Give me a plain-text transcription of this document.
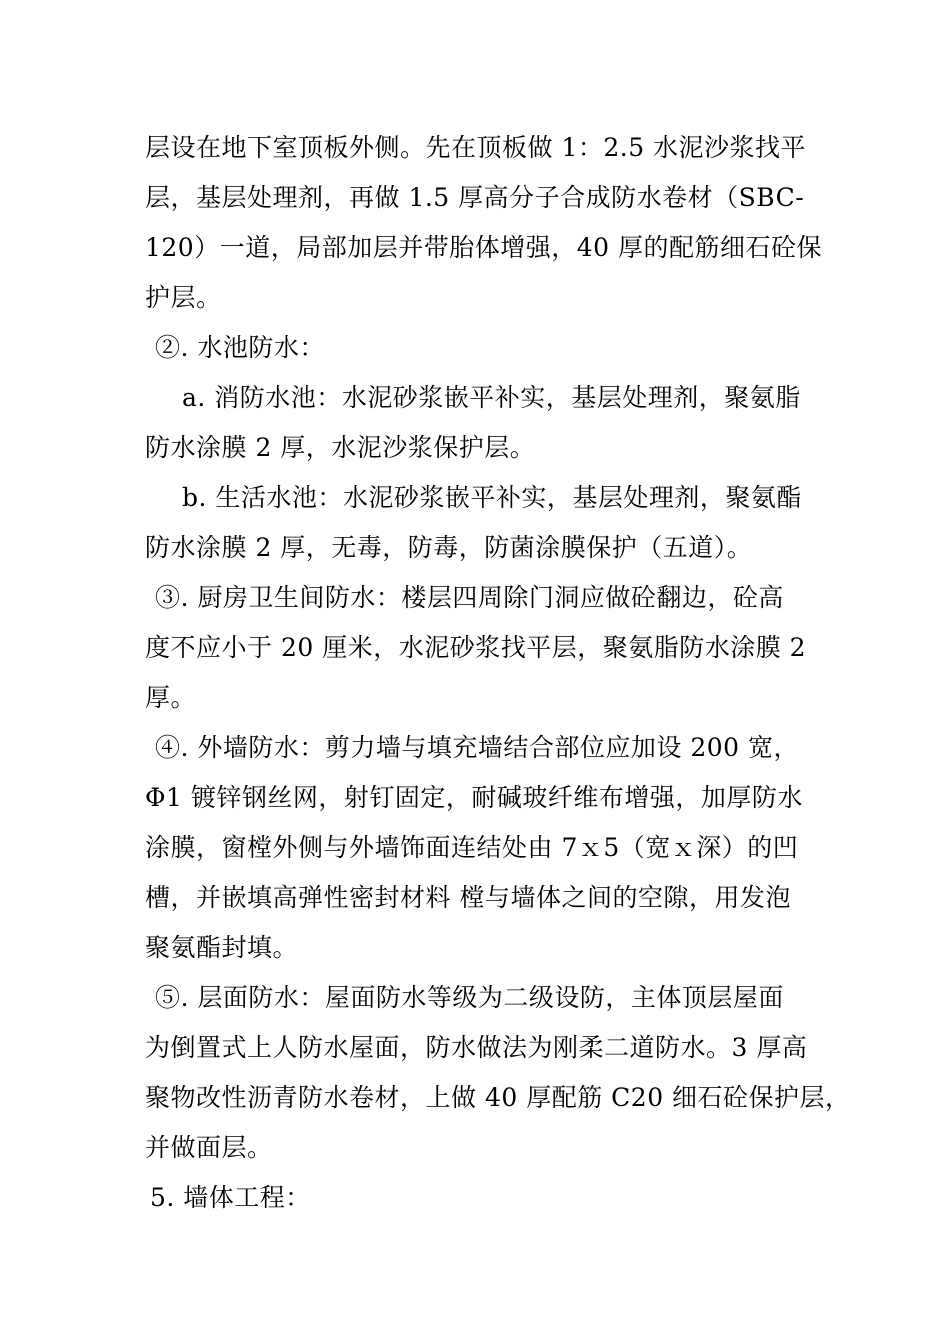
层设在地下室顶板外侧。先在顶板做 1：2.5 水泥沙浆找平
层，基层处理剂，再做 1.5 厚高分子合成防水卷材（SBC-
120）一道，局部加层并带胎体增强，40 厚的配筋细石砼保
护层。
②. 水池防水：
a. 消防水池：水泥砂浆嵌平补实，基层处理剂，聚氨脂
防水涂膜 2 厚，水泥沙浆保护层。
b. 生活水池：水泥砂浆嵌平补实，基层处理剂，聚氨酯
防水涂膜 2 厚，无毒，防毒，防菌涂膜保护（五道）。
③. 厨房卫生间防水：楼层四周除门洞应做砼翻边，砼高
度不应小于 20 厘米，水泥砂浆找平层，聚氨脂防水涂膜 2
厚。
④. 外墙防水：剪力墙与填充墙结合部位应加设 200 宽，
Φ1 镀锌钢丝网，射钉固定，耐碱玻纤维布增强，加厚防水
涂膜，窗樘外侧与外墙饰面连结处由 7ｘ5（宽ｘ深）的凹
槽，并嵌填高弹性密封材料 樘与墙体之间的空隙，用发泡
聚氨酯封填。
⑤. 层面防水：屋面防水等级为二级设防，主体顶层屋面
为倒置式上人防水屋面，防水做法为刚柔二道防水。3 厚高
聚物改性沥青防水卷材，上做 40 厚配筋 C20 细石砼保护层，
并做面层。
5. 墙体工程：
